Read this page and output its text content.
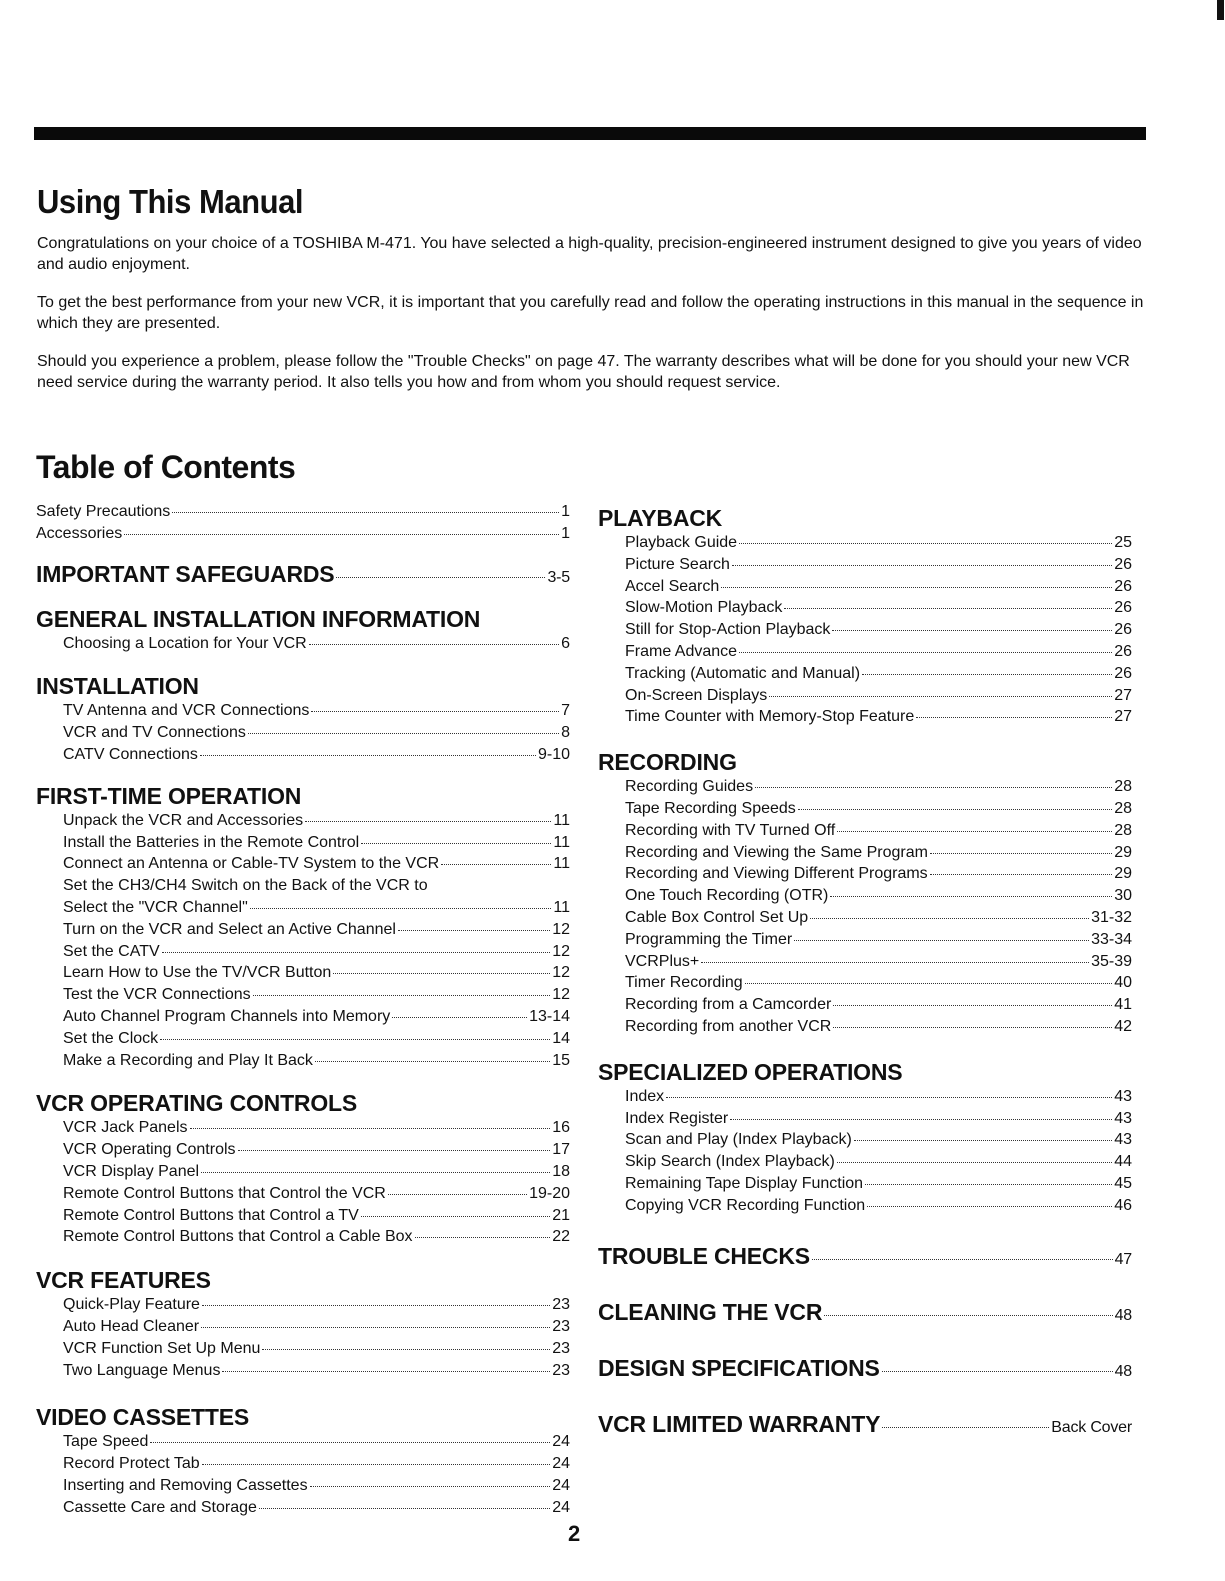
Using This Manual

Congratulations on your choice of a TOSHIBA M-471. You have selected a high-quality, precision-engineered instrument designed to give you years of video and audio enjoyment.

To get the best performance from your new VCR, it is important that you carefully read and follow the operating instructions in this manual in the sequence in which they are presented.

Should you experience a problem, please follow the "Trouble Checks" on page 47. The warranty describes what will be done for you should your new VCR need service during the warranty period. It also tells you how and from whom you should request service.

Table of Contents
Safety Precautions	1
Accessories	1
IMPORTANT SAFEGUARDS	3-5
GENERAL INSTALLATION INFORMATION
Choosing a Location for Your VCR	6
INSTALLATION
TV Antenna and VCR Connections	7
VCR and TV Connections	8
CATV Connections	9-10
FIRST-TIME OPERATION
Unpack the VCR and Accessories	11
Install the Batteries in the Remote Control	11
Connect an Antenna or Cable-TV System to the VCR	11
Set the CH3/CH4 Switch on the Back of the VCR to
Select the "VCR Channel"	11
Turn on the VCR and Select an Active Channel	12
Set the CATV	12
Learn How to Use the TV/VCR Button	12
Test the VCR Connections	12
Auto Channel Program Channels into Memory	13-14
Set the Clock	14
Make a Recording and Play It Back	15
VCR OPERATING CONTROLS
VCR Jack Panels	16
VCR Operating Controls	17
VCR Display Panel	18
Remote Control Buttons that Control the VCR	19-20
Remote Control Buttons that Control a TV	21
Remote Control Buttons that Control a Cable Box	22
VCR FEATURES
Quick-Play Feature	23
Auto Head Cleaner	23
VCR Function Set Up Menu	23
Two Language Menus	23
VIDEO CASSETTES
Tape Speed	24
Record Protect Tab	24
Inserting and Removing Cassettes	24
Cassette Care and Storage	24
PLAYBACK
Playback Guide	25
Picture Search	26
Accel Search	26
Slow-Motion Playback	26
Still for Stop-Action Playback	26
Frame Advance	26
Tracking (Automatic and Manual)	26
On-Screen Displays	27
Time Counter with Memory-Stop Feature	27
RECORDING
Recording Guides	28
Tape Recording Speeds	28
Recording with TV Turned Off	28
Recording and Viewing the Same Program	29
Recording and Viewing Different Programs	29
One Touch Recording (OTR)	30
Cable Box Control Set Up	31-32
Programming the Timer	33-34
VCRPlus+	35-39
Timer Recording	40
Recording from a Camcorder	41
Recording from another VCR	42
SPECIALIZED OPERATIONS
Index	43
Index Register	43
Scan and Play (Index Playback)	43
Skip Search (Index Playback)	44
Remaining Tape Display Function	45
Copying VCR Recording Function	46
TROUBLE CHECKS	47
CLEANING THE VCR	48
DESIGN SPECIFICATIONS	48
VCR LIMITED WARRANTY	Back Cover
2
